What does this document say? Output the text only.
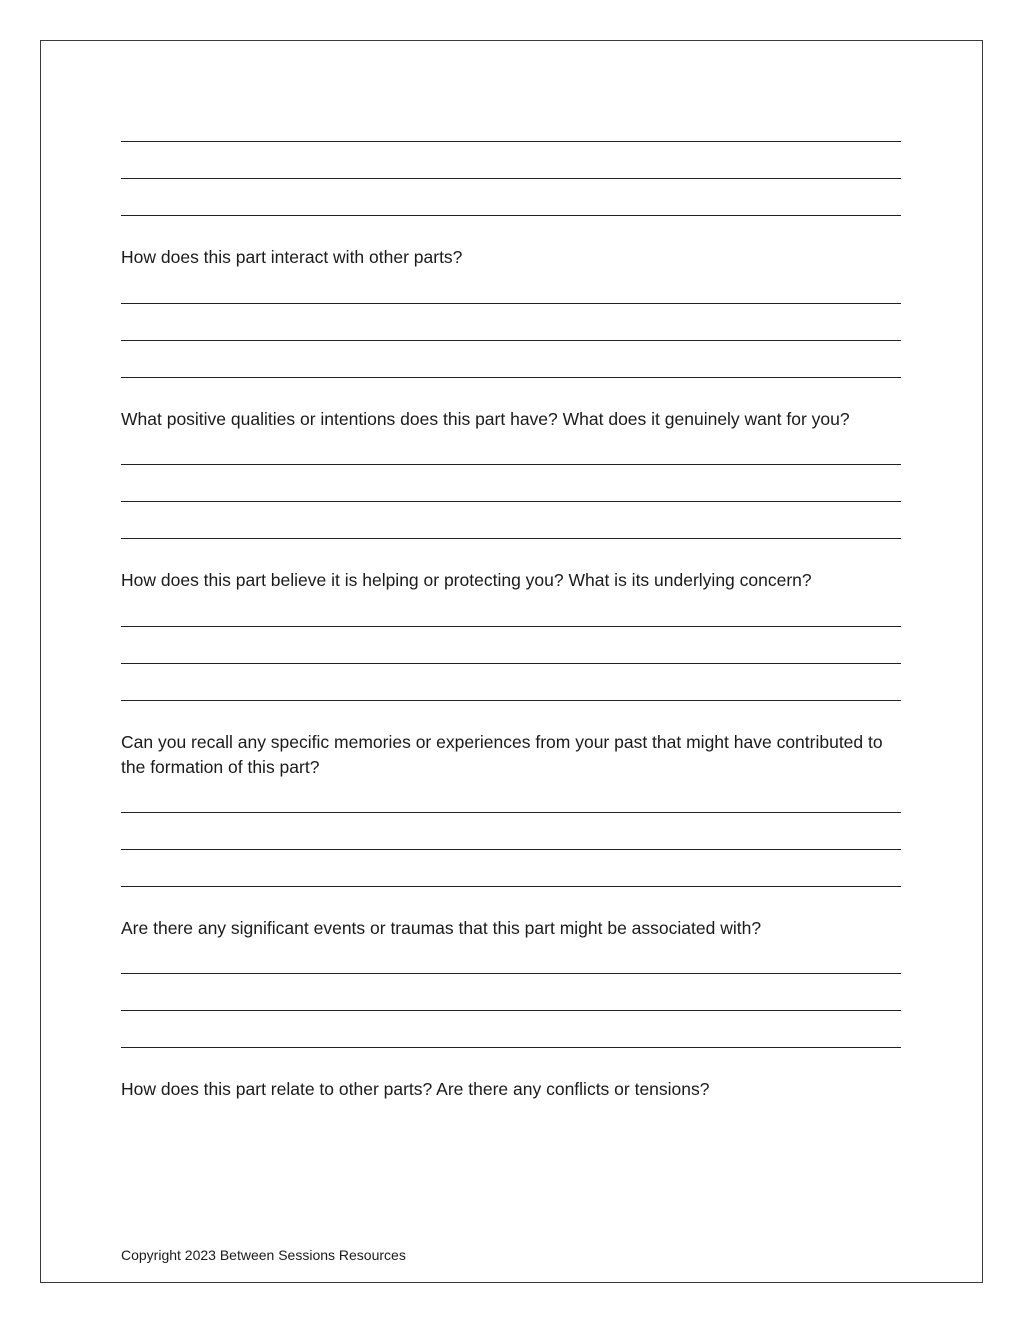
How does this part interact with other parts?
What positive qualities or intentions does this part have? What does it genuinely want for you?
How does this part believe it is helping or protecting you? What is its underlying concern?
Can you recall any specific memories or experiences from your past that might have contributed to the formation of this part?
Are there any significant events or traumas that this part might be associated with?
How does this part relate to other parts? Are there any conflicts or tensions?
Copyright 2023 Between Sessions Resources
